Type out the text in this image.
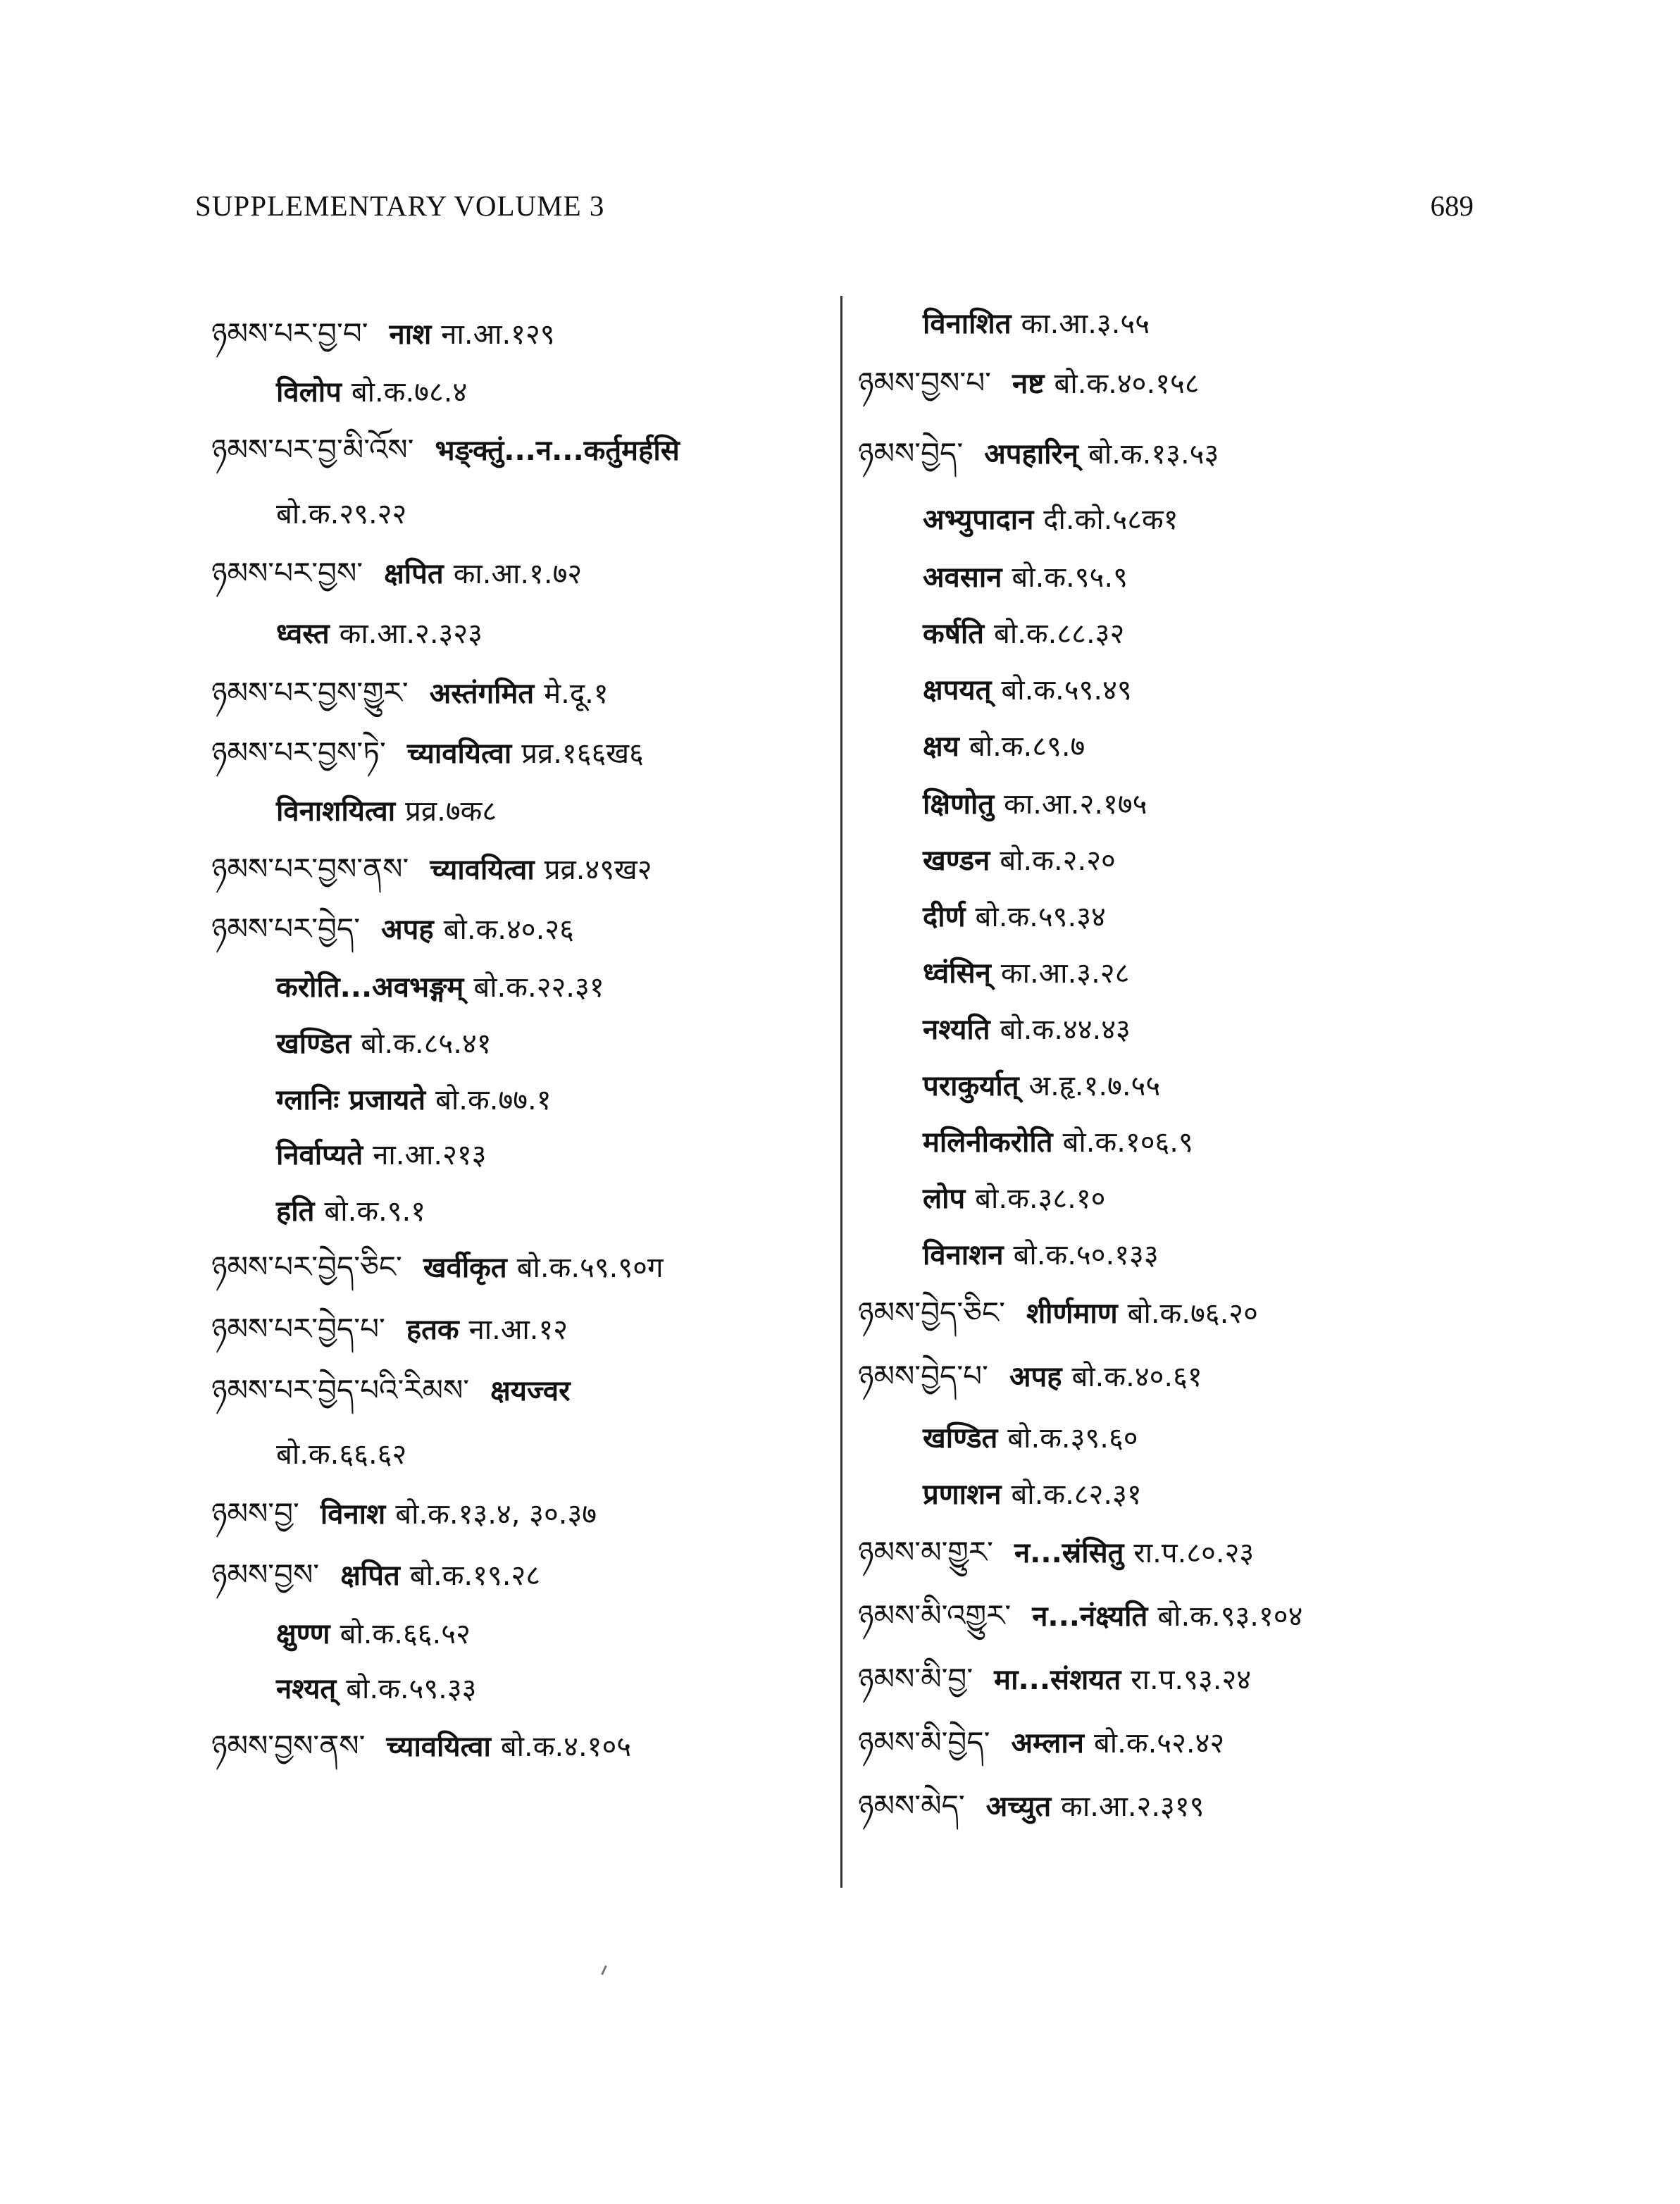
SUPPLEMENTARY VOLUME 3	689
ཉམས་པར་བྱ་བ་ नाश ना.आ.१२९
विलोप बो.क.७८.४
ཉམས་པར་བྱ་མི་འོས་ भङ्क्तुं...न...कर्तुमर्हसि
बो.क.२९.२२
ཉམས་པར་བྱས་ क्षपित का.आ.१.७२
ध्वस्त का.आ.२.३२३
ཉམས་པར་བྱས་གྱུར་ अस्तंगमित मे.दू.१
ཉམས་པར་བྱས་ཏེ་ च्यावयित्वा प्रव्र.१६६ख६
विनाशयित्वा प्रव्र.७क८
ཉམས་པར་བྱས་ནས་ च्यावयित्वा प्रव्र.४९ख२
ཉམས་པར་བྱེད་ अपह बो.क.४०.२६
करोति...अवभङ्गम् बो.क.२२.३१
खण्डित बो.क.८५.४१
ग्लानिः प्रजायते बो.क.७७.१
निर्वाप्यते ना.आ.२१३
हति बो.क.९.१
ཉམས་པར་བྱེད་ཅིང་ खर्वीकृत बो.क.५९.९०ग
ཉམས་པར་བྱེད་པ་ हतक ना.आ.१२
ཉམས་པར་བྱེད་པའི་རིམས་ क्षयज्वर
बो.क.६६.६२
ཉམས་བྱ་ विनाश बो.क.१३.४, ३०.३७
ཉམས་བྱས་ क्षपित बो.क.१९.२८
क्षुण्ण बो.क.६६.५२
नश्यत् बो.क.५९.३३
ཉམས་བྱས་ནས་ च्यावयित्वा बो.क.४.१०५
विनाशित का.आ.३.५५
ཉམས་བྱས་པ་ नष्ट बो.क.४०.१५८
ཉམས་བྱེད་ अपहारिन् बो.क.१३.५३
अभ्युपादान दी.को.५८क१
अवसान बो.क.९५.९
कर्षति बो.क.८८.३२
क्षपयत् बो.क.५९.४९
क्षय बो.क.८९.७
क्षिणोतु का.आ.२.१७५
खण्डन बो.क.२.२०
दीर्ण बो.क.५९.३४
ध्वंसिन् का.आ.३.२८
नश्यति बो.क.४४.४३
पराकुर्यात् अ.हृ.१.७.५५
मलिनीकरोति बो.क.१०६.९
लोप बो.क.३८.१०
विनाशन बो.क.५०.१३३
ཉམས་བྱེད་ཅིང་ शीर्णमाण बो.क.७६.२०
ཉམས་བྱེད་པ་ अपह बो.क.४०.६१
खण्डित बो.क.३९.६०
प्रणाशन बो.क.८२.३१
ཉམས་མ་གྱུར་ न...स्रंसितु रा.प.८०.२३
ཉམས་མི་འགྱུར་ न...नंक्ष्यति बो.क.९३.१०४
ཉམས་མི་བྱ་ मा...संशयत रा.प.९३.२४
ཉམས་མི་བྱེད་ अम्लान बो.क.५२.४२
ཉམས་མེད་ अच्युत का.आ.२.३१९
